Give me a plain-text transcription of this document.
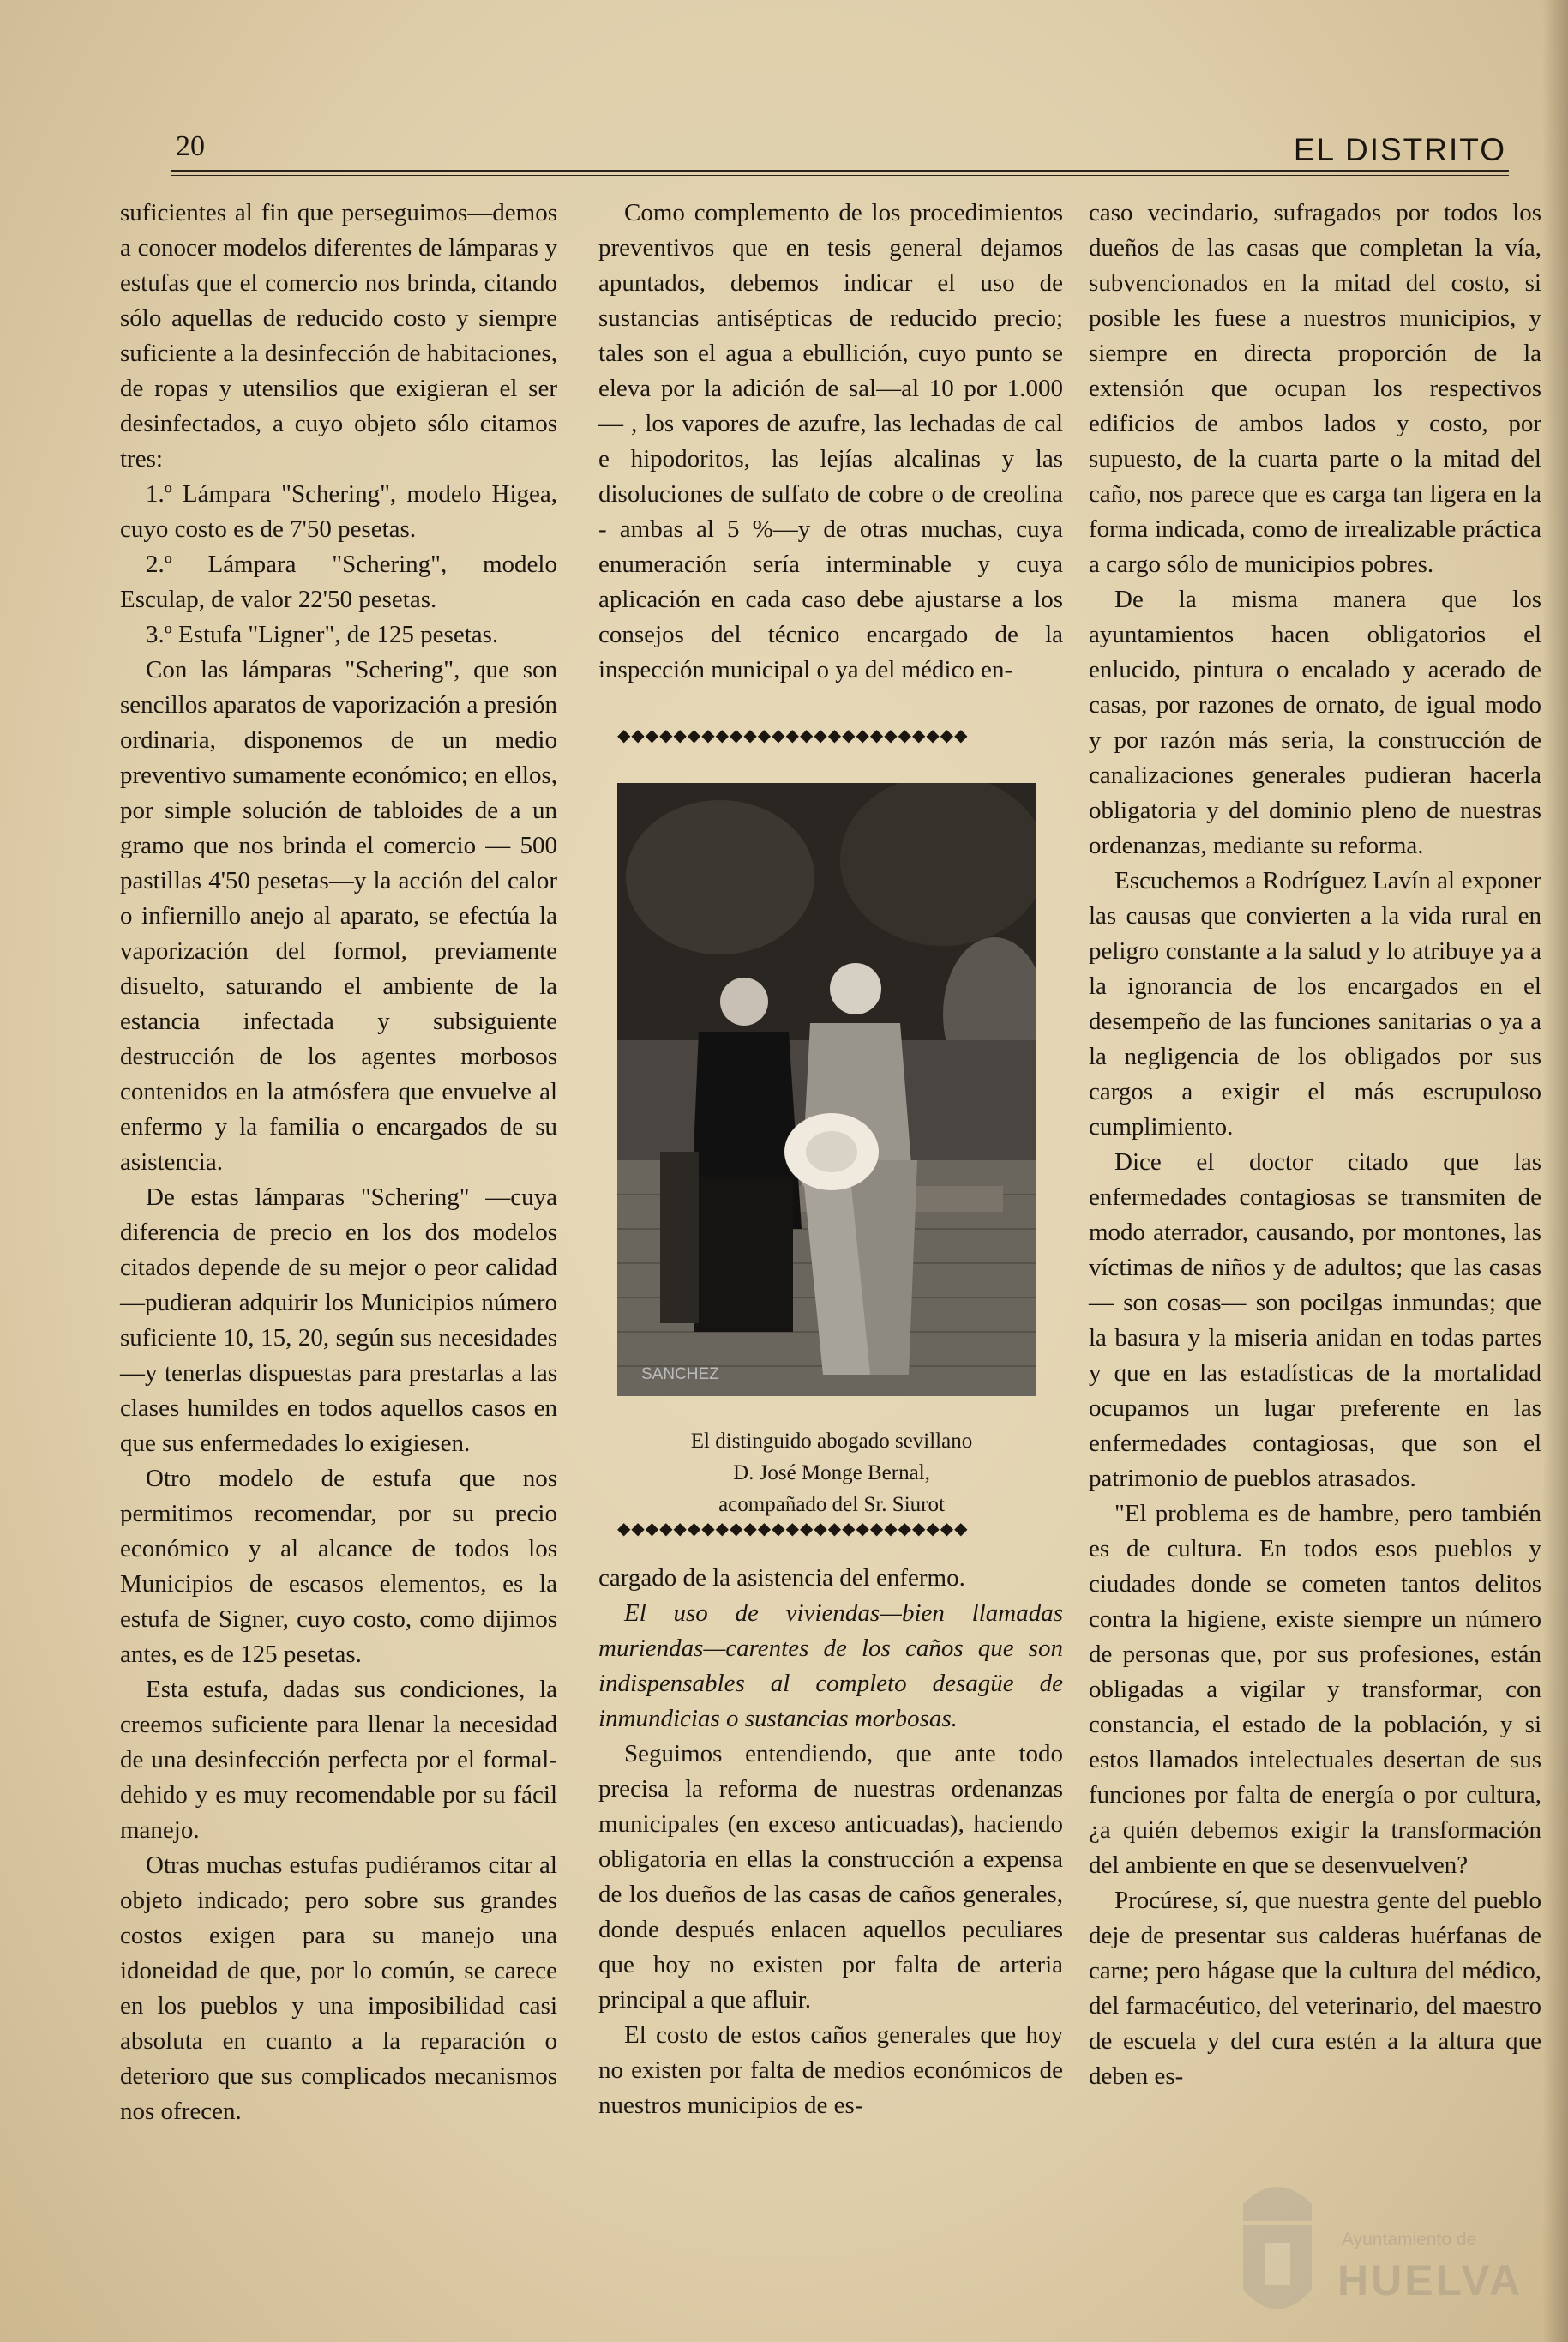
20	EL DISTRITO

suficientes al fin que perseguimos—demos a conocer modelos diferentes de lámparas y estufas que el comercio nos brinda, citando sólo aquellas de reducido costo y siempre suficiente a la desinfección de habitaciones, de ropas y utensilios que exigieran el ser desinfectados, a cuyo objeto sólo citamos tres:

1.º Lámpara "Schering", modelo Higea, cuyo costo es de 7'50 pesetas.

2.º Lámpara "Schering", modelo Esculap, de valor 22'50 pesetas.

3.º Estufa "Ligner", de 125 pesetas.

Con las lámparas "Schering", que son sencillos aparatos de vaporización a presión ordinaria, disponemos de un medio preventivo sumamente económico; en ellos, por simple solución de tabloides de a un gramo que nos brinda el comercio — 500 pastillas 4'50 pesetas—y la acción del calor o infiernillo anejo al aparato, se efectúa la vaporización del formol, previamente disuelto, saturando el ambiente de la estancia infectada y subsiguiente destrucción de los agentes morbosos contenidos en la atmósfera que envuelve al enfermo y la familia o encargados de su asistencia.

De estas lámparas "Schering" —cuya diferencia de precio en los dos modelos citados depende de su mejor o peor calidad—pudieran adquirir los Municipios número suficiente 10, 15, 20, según sus necesidades—y tenerlas dispuestas para prestarlas a las clases humildes en todos aquellos casos en que sus enfermedades lo exigiesen.

Otro modelo de estufa que nos permitimos recomendar, por su precio económico y al alcance de todos los Municipios de escasos elementos, es la estufa de Signer, cuyo costo, como dijimos antes, es de 125 pesetas.

Esta estufa, dadas sus condiciones, la creemos suficiente para llenar la necesidad de una desinfección perfecta por el formal-dehido y es muy recomendable por su fácil manejo.

Otras muchas estufas pudiéramos citar al objeto indicado; pero sobre sus grandes costos exigen para su manejo una idoneidad de que, por lo común, se carece en los pueblos y una imposibilidad casi absoluta en cuanto a la reparación o deterioro que sus complicados mecanismos nos ofrecen.

Como complemento de los procedimientos preventivos que en tesis general dejamos apuntados, debemos indicar el uso de sustancias antisépticas de reducido precio; tales son el agua a ebullición, cuyo punto se eleva por la adición de sal—al 10 por 1.000 — , los vapores de azufre, las lechadas de cal e hipodoritos, las lejías alcalinas y las disoluciones de sulfato de cobre o de creolina - ambas al 5 %—y de otras muchas, cuya enumeración sería interminable y cuya aplicación en cada caso debe ajustarse a los consejos del técnico encargado de la inspección municipal o ya del médico en-

◆◆◆◆◆◆◆◆◆◆◆◆◆◆◆◆◆◆◆◆◆◆◆◆◆
SANCHEZ
El distinguido abogado sevillano
D. José Monge Bernal,
acompañado del Sr. Siurot
◆◆◆◆◆◆◆◆◆◆◆◆◆◆◆◆◆◆◆◆◆◆◆◆◆

cargado de la asistencia del enfermo.

El uso de viviendas—bien llamadas muriendas—carentes de los caños que son indispensables al completo desagüe de inmundicias o sustancias morbosas.

Seguimos entendiendo, que ante todo precisa la reforma de nuestras ordenanzas municipales (en exceso anticuadas), haciendo obligatoria en ellas la construcción a expensa de los dueños de las casas de caños generales, donde después enlacen aquellos peculiares que hoy no existen por falta de arteria principal a que afluir.

El costo de estos caños generales que hoy no existen por falta de medios económicos de nuestros municipios de es-

caso vecindario, sufragados por todos los dueños de las casas que completan la vía, subvencionados en la mitad del costo, si posible les fuese a nuestros municipios, y siempre en directa proporción de la extensión que ocupan los respectivos edificios de ambos lados y costo, por supuesto, de la cuarta parte o la mitad del caño, nos parece que es carga tan ligera en la forma indicada, como de irrealizable práctica a cargo sólo de municipios pobres.

De la misma manera que los ayuntamientos hacen obligatorios el enlucido, pintura o encalado y acerado de casas, por razones de ornato, de igual modo y por razón más seria, la construcción de canalizaciones generales pudieran hacerla obligatoria y del dominio pleno de nuestras ordenanzas, mediante su reforma.

Escuchemos a Rodríguez Lavín al exponer las causas que convierten a la vida rural en peligro constante a la salud y lo atribuye ya a la ignorancia de los encargados en el desempeño de las funciones sanitarias o ya a la negligencia de los obligados por sus cargos a exigir el más escrupuloso cumplimiento.

Dice el doctor citado que las enfermedades contagiosas se transmiten de modo aterrador, causando, por montones, las víctimas de niños y de adultos; que las casas— son cosas— son pocilgas inmundas; que la basura y la miseria anidan en todas partes y que en las estadísticas de la mortalidad ocupamos un lugar preferente en las enfermedades contagiosas, que son el patrimonio de pueblos atrasados.

"El problema es de hambre, pero también es de cultura. En todos esos pueblos y ciudades donde se cometen tantos delitos contra la higiene, existe siempre un número de personas que, por sus profesiones, están obligadas a vigilar y transformar, con constancia, el estado de la población, y si estos llamados intelectuales desertan de sus funciones por falta de energía o por cultura, ¿a quién debemos exigir la transformación del ambiente en que se desenvuelven?

Procúrese, sí, que nuestra gente del pueblo deje de presentar sus calderas huérfanas de carne; pero hágase que la cultura del médico, del farmacéutico, del veterinario, del maestro de escuela y del cura estén a la altura que deben es-

Ayuntamiento de
HUELVA
